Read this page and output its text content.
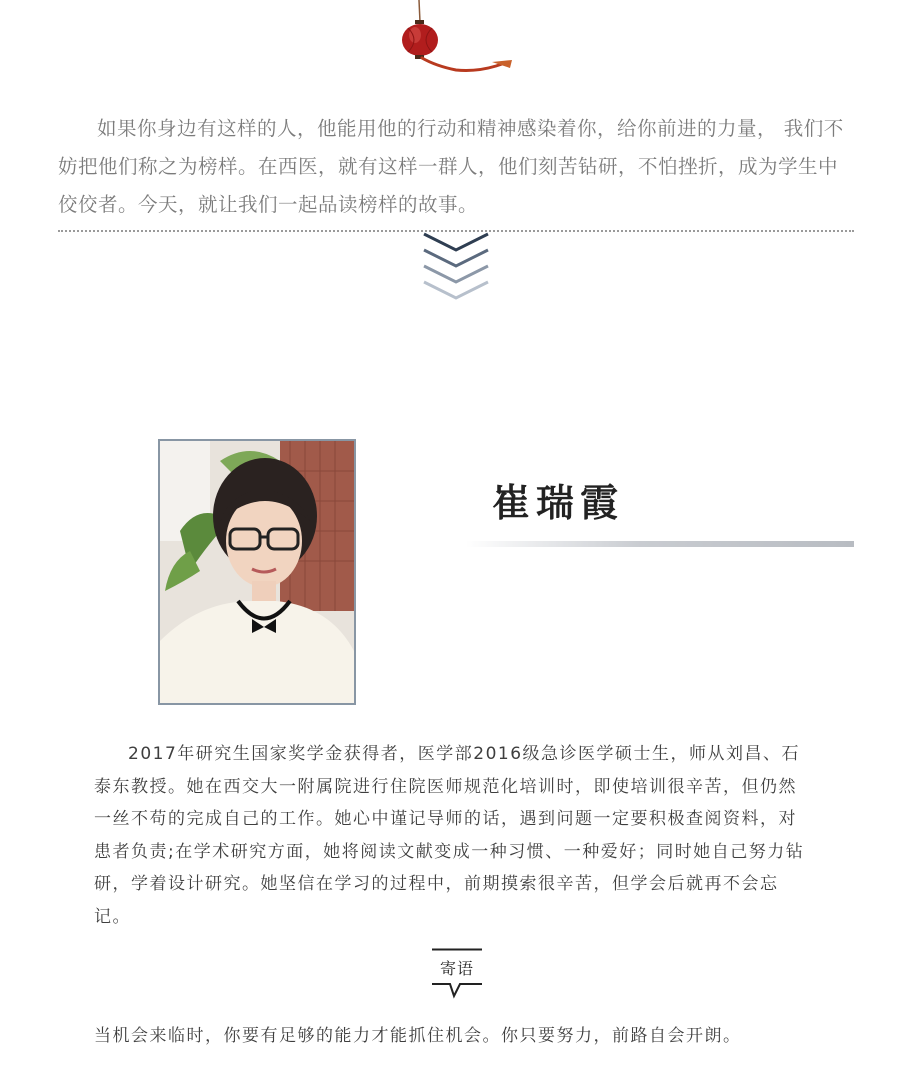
如果你身边有这样的人，他能用他的行动和精神感染着你，给你前进的力量， 我们不妨把他们称之为榜样。在西医，就有这样一群人，他们刻苦钻研，不怕挫折，成为学生中佼佼者。今天，就让我们一起品读榜样的故事。

崔瑞霞

2017年研究生国家奖学金获得者，医学部2016级急诊医学硕士生，师从刘昌、石泰东教授。她在西交大一附属院进行住院医师规范化培训时，即使培训很辛苦，但仍然一丝不苟的完成自己的工作。她心中谨记导师的话，遇到问题一定要积极查阅资料，对患者负责;在学术研究方面，她将阅读文献变成一种习惯、一种爱好；同时她自己努力钻研，学着设计研究。她坚信在学习的过程中，前期摸索很辛苦，但学会后就再不会忘记。

寄语

当机会来临时，你要有足够的能力才能抓住机会。你只要努力，前路自会开朗。
